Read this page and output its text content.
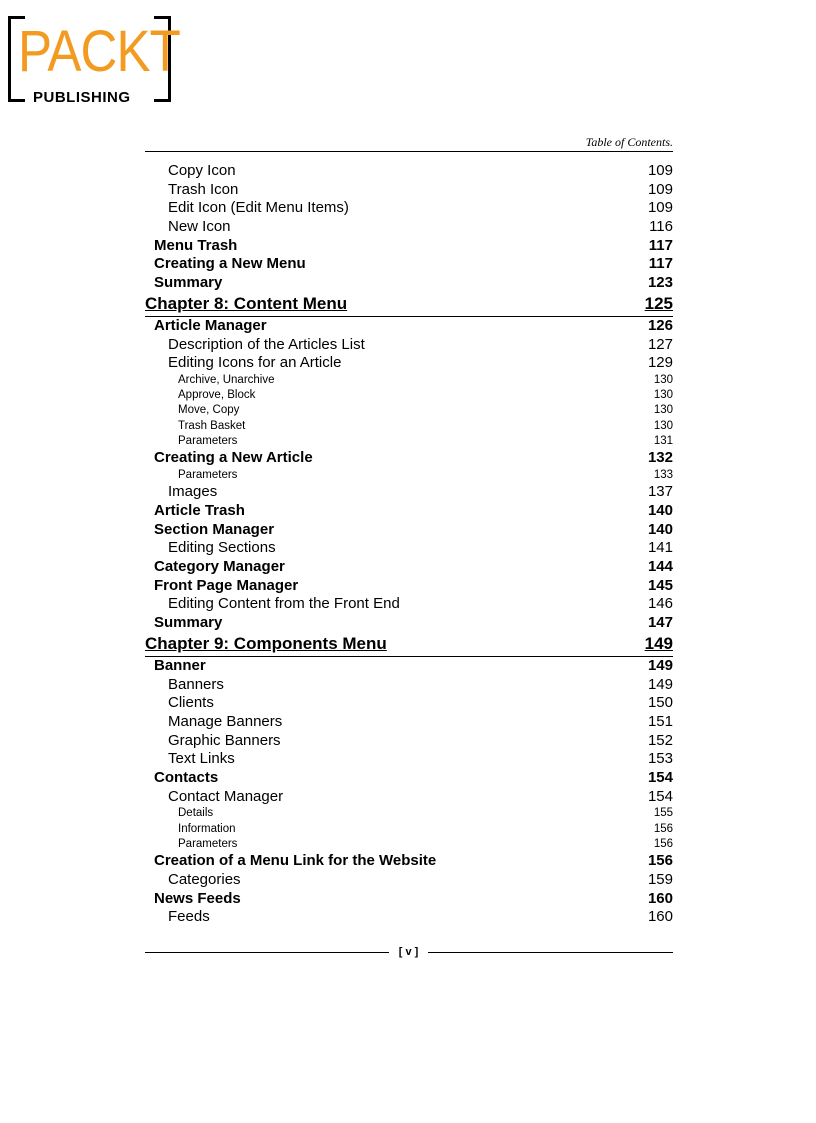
PACKT
PUBLISHING
Table of Contents.
Copy Icon	109
Trash Icon	109
Edit Icon (Edit Menu Items)	109
New Icon	116
Menu Trash	117
Creating a New Menu	117
Summary	123
Chapter 8: Content Menu	125
Article Manager	126
Description of the Articles List	127
Editing Icons for an Article	129
Archive, Unarchive	130
Approve, Block	130
Move, Copy	130
Trash Basket	130
Parameters	131
Creating a New Article	132
Parameters	133
Images	137
Article Trash	140
Section Manager	140
Editing Sections	141
Category Manager	144
Front Page Manager	145
Editing Content from the Front End	146
Summary	147
Chapter 9: Components Menu	149
Banner	149
Banners	149
Clients	150
Manage Banners	151
Graphic Banners	152
Text Links	153
Contacts	154
Contact Manager	154
Details	155
Information	156
Parameters	156
Creation of a Menu Link for the Website	156
Categories	159
News Feeds	160
Feeds	160
[ v ]
